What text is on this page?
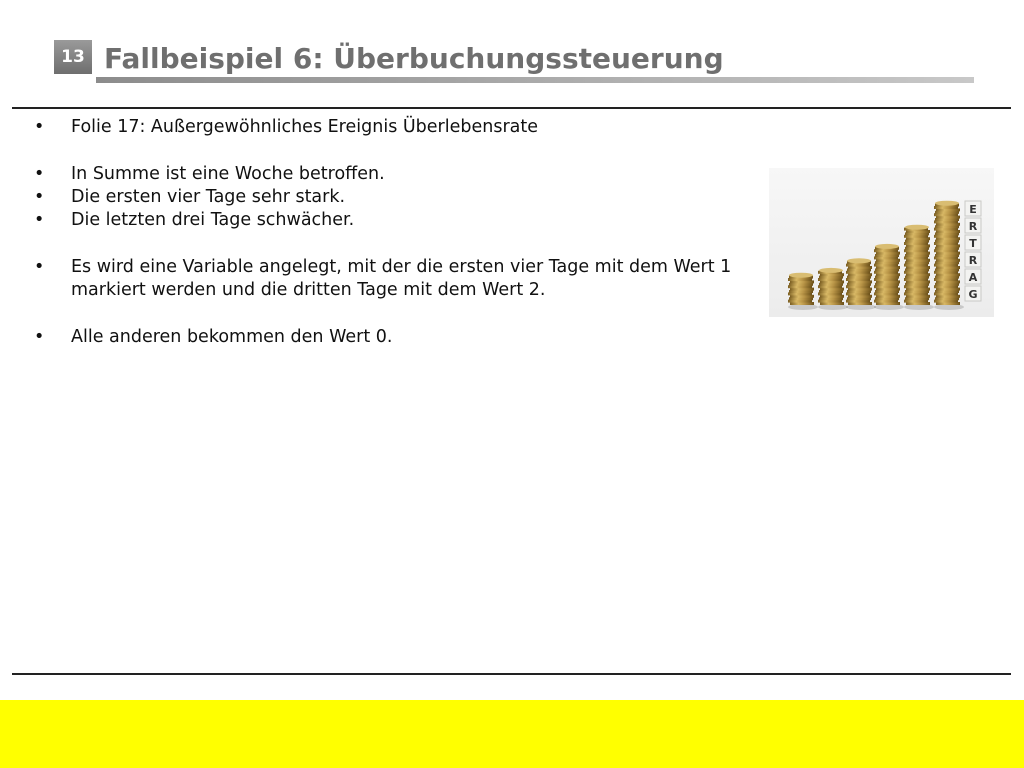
13 Fallbeispiel 6: Überbuchungssteuerung
•	Folie 17: Außergewöhnliches Ereignis Überlebensrate
•	In Summe ist eine Woche betroffen.
•	Die ersten vier Tage sehr stark.
•	Die letzten drei Tage schwächer.
•	Es wird eine Variable angelegt, mit der die ersten vier Tage mit dem Wert 1 markiert werden und die dritten Tage mit dem Wert 2.
•	Alle anderen bekommen den Wert 0.
E
R
T
R
A
G
